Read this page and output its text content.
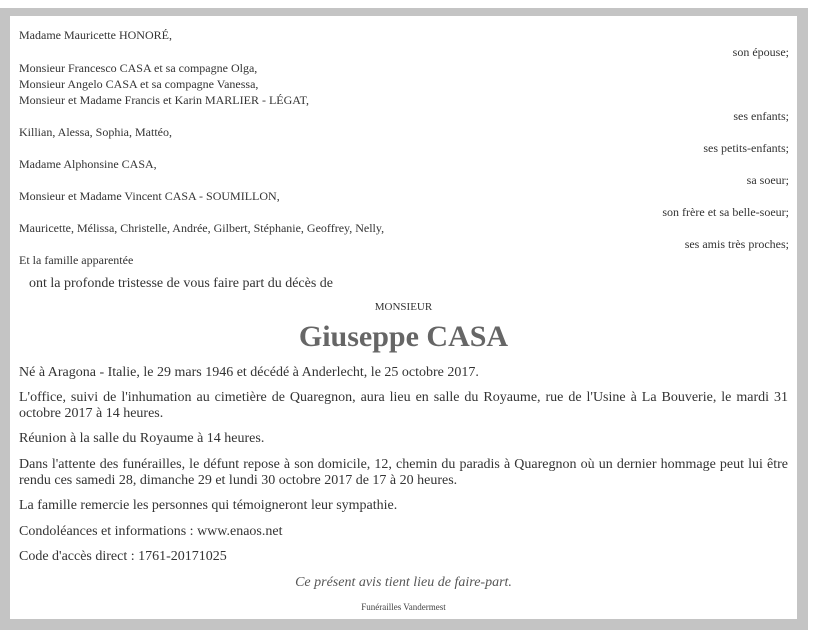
Madame Mauricette HONORÉ,
son épouse;
Monsieur Francesco CASA et sa compagne Olga,
Monsieur Angelo CASA et sa compagne Vanessa,
Monsieur et Madame Francis et Karin MARLIER - LÉGAT,
ses enfants;
Killian, Alessa, Sophia, Mattéo,
ses petits-enfants;
Madame Alphonsine CASA,
sa soeur;
Monsieur et Madame Vincent CASA - SOUMILLON,
son frère et sa belle-soeur;
Mauricette, Mélissa, Christelle, Andrée, Gilbert, Stéphanie, Geoffrey, Nelly,
ses amis très proches;
Et la famille apparentée
ont la profonde tristesse de vous faire part du décès de
MONSIEUR
Giuseppe CASA
Né à Aragona - Italie, le 29 mars 1946 et décédé à Anderlecht, le 25 octobre 2017.
L'office, suivi de l'inhumation au cimetière de Quaregnon, aura lieu en salle du Royaume, rue de l'Usine à La Bouverie, le mardi 31 octobre 2017 à 14 heures.
Réunion à la salle du Royaume à 14 heures.
Dans l'attente des funérailles, le défunt repose à son domicile, 12, chemin du paradis à Quaregnon où un dernier hommage peut lui être rendu ces samedi 28, dimanche 29 et lundi 30 octobre 2017 de 17 à 20 heures.
La famille remercie les personnes qui témoigneront leur sympathie.
Condoléances et informations : www.enaos.net
Code d'accès direct : 1761-20171025
Ce présent avis tient lieu de faire-part.
Funérailles Vandermest
